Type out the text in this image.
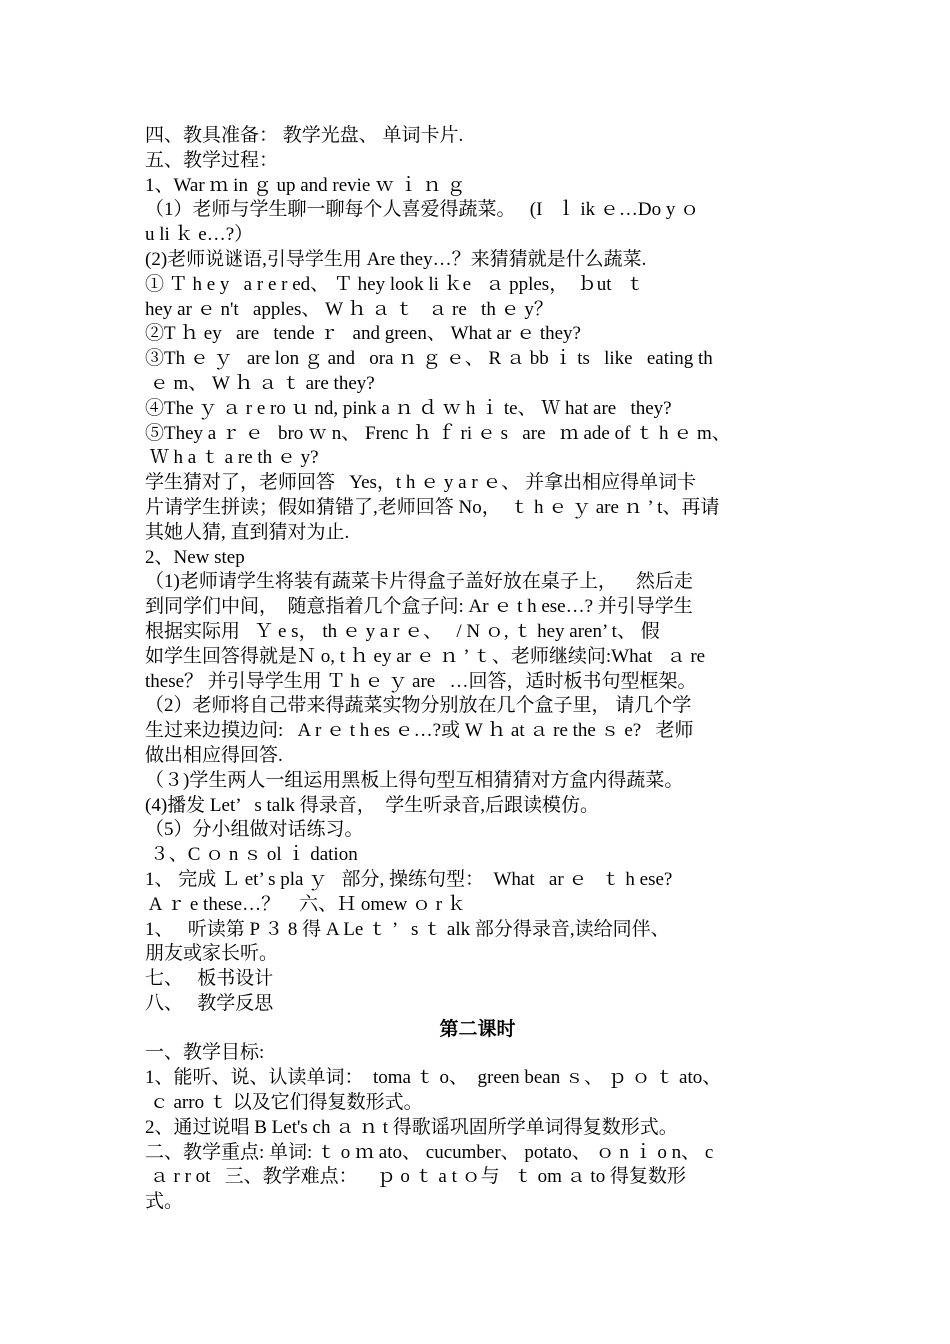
四、教具准备： 教学光盘、 单词卡片.
五、教学过程：
1、War ｍ in ｇ up and revie ｗ ｉ ｎ ｇ
（1）老师与学生聊一聊每个人喜爱得蔬菜。   (I   ｌ ik ｅ…Do y ｏ
u li ｋ e…?）
(2)老师说谜语,引导学生用 Are they…？来猜猜就是什么蔬菜.
① Ｔ h e y   a r e r ed、 Ｔ hey look li ｋe   ａ pples，  ｂut   ｔ
hey ar ｅ n't   apples、 W ｈ ａ ｔ   ａ re   th ｅ y？
②T ｈ ey   are   tende ｒ   and green、 What ar ｅ they?
③Th ｅ ｙ   are lon ｇ and   ora ｎ ｇ ｅ、 R ａ bb ｉ ts   like   eating th
ｅ m、 W ｈ ａ ｔ are they?
④The ｙ ａ r e ro ｕ nd, pink a ｎ ｄ ｗ h ｉ te、 Ｗ hat are   they?
⑤They a ｒ ｅ   bro ｗ n、 Frenc ｈ ｆ ri ｅ s   are   ｍ ade of ｔ h ｅ m、
Ｗ h a ｔ a re th ｅ y?
学生猜对了，老师回答   Yes，t h ｅ y a r ｅ、 并拿出相应得单词卡
片请学生拼读；假如猜错了,老师回答 No，  ｔ h ｅ ｙ are ｎ ’ t、再请
其她人猜, 直到猜对为止.
2、New step
（1)老师请学生将装有蔬菜卡片得盒子盖好放在桌子上，    然后走
到同学们中间，  随意指着几个盒子问: Ar ｅ t h ese…? 并引导学生
根据实际用   Ｙ e s， th ｅ y a r ｅ、   / N ｏ, ｔ hey aren’ t、 假
如学生回答得就是Ｎ o, t ｈ ey ar ｅ ｎ ’ ｔ、老师继续问:What   ａ re
these？ 并引导学生用 Ｔ h ｅ ｙ are   …回答，适时板书句型框架。
（2）老师将自己带来得蔬菜实物分别放在几个盒子里， 请几个学
生过来边摸边问:   A r ｅ t h es ｅ…?或 W ｈ at ａ re the ｓ e?   老师
做出相应得回答.
（３)学生两人一组运用黑板上得句型互相猜猜对方盒内得蔬菜。
(4)播发 Let’   s talk 得录音，  学生听录音,后跟读模仿。
（5）分小组做对话练习。
３、C ｏ n ｓ ol ｉ dation
1、 完成 Ｌ et’ s pla ｙ   部分, 操练句型：  What   ar ｅ   ｔ h ese?
A ｒ e these…？    六、Ｈ omew ｏ r ｋ
1、   听读第 P ３ 8 得 A Le ｔ ’   s ｔ alk 部分得录音,读给同伴、
朋友或家长听。
七、   板书设计
八、   教学反思
第二课时
一、教学目标:
1、能听、说、认读单词：  toma ｔ o、  green bean ｓ、 ｐ ｏ ｔ ato、
ｃ arro ｔ 以及它们得复数形式。
2、通过说唱 B Let's ch ａ ｎ t 得歌谣巩固所学单词得复数形式。
二、教学重点: 单词: ｔ o ｍ ato、 cucumber、 potato、 ｏ n ｉ o n、 c
ａ r r ot   三、教学难点：    ｐ o ｔ a t ｏ与   ｔ om ａ to 得复数形
式。
